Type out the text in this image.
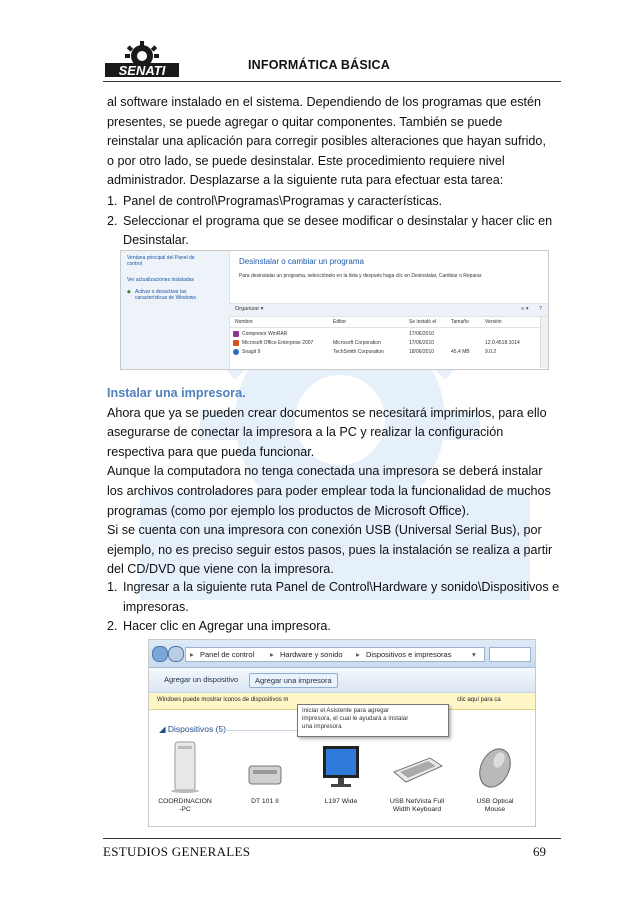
SENATI	INFORMÁTICA BÁSICA
al software instalado en el sistema. Dependiendo de los programas que estén
presentes, se puede agregar o quitar componentes. También se puede
reinstalar una aplicación para corregir posibles alteraciones que hayan sufrido,
o por otro lado, se puede desinstalar. Este procedimiento requiere nivel
administrador. Desplazarse a la siguiente ruta para efectuar esta tarea:
1. Panel de control\Programas\Programas y características.
2. Seleccionar el programa que se desee modificar o desinstalar y hacer clic en Desinstalar.
Ventana principal del Panel de
control
Ver actualizaciones instaladas
◆ Activar o desactivar las
características de Windows
Desinstalar o cambiar un programa
Para desinstalar un programa, selecciónelo en la lista y después haga clic en Desinstalar, Cambiar o Reparar.
Organizar ▾	≡ ▾ ?
Nombre	Editor	Se instaló el	Tamaño	Versión
Compresor WinRAR	17/06/2010
Microsoft Office Enterprise 2007	Microsoft Corporation	17/06/2010	12.0.4518.1014
Snagit 9	TechSmith Corporation	18/06/2010	45,4 MB	9.0.2
Instalar una impresora.
Ahora que ya se pueden crear documentos se necesitará imprimirlos, para ello
asegurarse de conectar la impresora a la PC y realizar la configuración
respectiva para que pueda funcionar.
Aunque la computadora no tenga conectada una impresora se deberá instalar
los archivos controladores para poder emplear toda la funcionalidad de muchos
programas (como por ejemplo los productos de Microsoft Office).
Si se cuenta con una impresora con conexión USB (Universal Serial Bus), por
ejemplo, no es preciso seguir estos pasos, pues la instalación se realiza a partir
del CD/DVD que viene con la impresora.
1. Ingresar a la siguiente ruta Panel de Control\Hardware y sonido\Dispositivos e impresoras.
2. Hacer clic en Agregar una impresora.
▸ Panel de control ▸ Hardware y sonido ▸ Dispositivos e impresoras	▾
Agregar un dispositivo	Agregar una impresora
Windows puede mostrar iconos de dispositivos m	clic aquí para ca
◢ Dispositivos (5)
Iniciar el Asistente para agregar
impresora, el cual le ayudará a instalar
una impresora
COORDINACION
-PC
DT 101 II	L197 Wide	USB NetVista Full
Width Keyboard
USB Optical
Mouse
ESTUDIOS GENERALES	69
